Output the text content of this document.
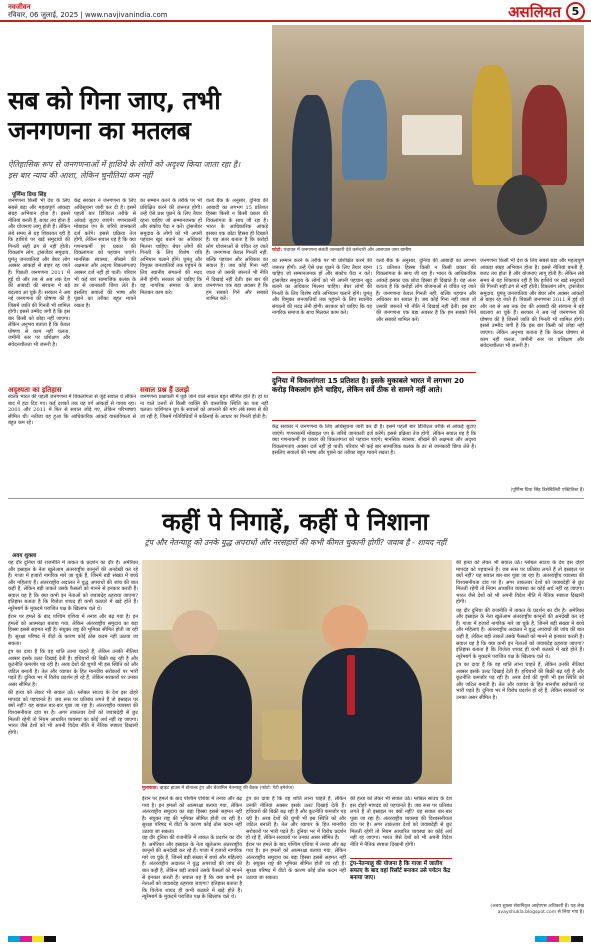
नवजीवन
रविवार, 06 जुलाई, 2025 | www.navjivanindia.com	असलियत 5
फोटो: पंचायत में जनगणना संबंधी जानकारी देते कर्मचारी और आसपास जमा ग्रामीण
सब को गिना जाए, तभी
जनगणना का मतलब
ऐतिहासिक रूप से जनगणनाओं में हाशिये के लोगों को अदृश्य किया जाता रहा है।
इस बार न्याय की आशा, लेकिन चुनौतियां कम नहीं
पूर्णिमा प्रिया सिंह
जनगणना किसी भी देश के लिए सबसे बड़ा और महत्वपूर्ण आंकड़ा संग्रह अभियान होता है। इससे नीतियां बनती हैं, बजट तय होता है और योजनाएं लागू होती हैं। लेकिन लंबे समय से यह शिकायत रही है कि हाशिये पर खड़े समुदायों की गिनती सही ढंग से नहीं होती। विकलांग लोग, ट्रांसजेंडर समुदाय, घुमंतू जनजातियां और बेघर लोग अक्सर आंकड़ों से बाहर रह जाते हैं। पिछली जनगणना 2011 में हुई थी और तब से अब तक देश की आबादी की संरचना में बड़े बदलाव आ चुके हैं। सरकार ने अब नई जनगणना की घोषणा की है जिसमें जाति की गिनती भी शामिल होगी। इससे उम्मीद जगी है कि इस बार किसी को छोड़ा नहीं जाएगा। लेकिन अनुभव बताता है कि केवल घोषणा से काम नहीं चलता, जमीनी स्तर पर प्रशिक्षण और संवेदनशीलता भी जरूरी है।
केंद्र सरकार ने जनगणना के लिए अधिसूचना जारी कर दी है। इसमें पहली बार डिजिटल तरीके से आंकड़े जुटाए जाएंगे। गणनाकर्मी मोबाइल एप के जरिये जानकारी दर्ज करेंगे। इससे प्रक्रिया तेज होगी, लेकिन सवाल यह है कि क्या गणनाकर्मी हर प्रकार की विकलांगता को पहचान पाएंगे। मानसिक स्वास्थ्य, सीखने की अक्षमता और अदृश्य विकलांगताएं अक्सर दर्ज नहीं हो पातीं। परिवार भी कई बार सामाजिक कलंक के डर से जानकारी छिपा लेते हैं। इसलिए सवालों की भाषा और पूछने का तरीका बहुत मायने रखता है।
का सम्मान करने के तरीके पर भी प्रशिक्षित करने की जरूरत होगी। उन्हें ऐसे प्रश्न पूछने के लिए तैयार रहना चाहिए जो सम्मानजनक हों और संकोच पैदा न करें। ट्रांसजेंडर समुदाय के लोगों को भी अपनी पहचान खुद बताने का अधिकार मिलना चाहिए। बेघर लोगों की गिनती के लिए विशेष रात्रि अभियान चलाने होंगे। घुमंतू और विमुक्त जनजातियों तक पहुंचने के लिए स्थानीय संगठनों की मदद लेनी होगी। सरकार को चाहिए कि वह नागरिक समाज के साथ मिलकर काम करे।
वर्ल्ड बैंक के अनुसार, दुनिया की आबादी का लगभग 15 प्रतिशत हिस्सा किसी न किसी प्रकार की विकलांगता के साथ जी रहा है। भारत के आधिकारिक आंकड़े इसका एक छोटा हिस्सा ही दिखाते हैं। यह अंतर बताता है कि करोड़ों लोग योजनाओं से वंचित रह जाते हैं। जनगणना केवल गिनती नहीं, बल्कि पहचान और अधिकार का सवाल है। जब कोई गिना नहीं जाता तो उसकी जरूरतें भी नीति में दिखाई नहीं देतीं। इस बार की जनगणना एक बड़ा अवसर है कि हम सबको गिनें और सबको शामिल करें।
अदृश्यता का इतिहास
स्वतंत्र भारत की पहली जनगणना में विकलांगता से जुड़े सवाल थे लेकिन बाद में हटा दिए गए। कई दशकों तक यह वर्ग आंकड़ों से गायब रहा। 2001 और 2011 में फिर से सवाल जोड़े गए, लेकिन परिभाषाएं सीमित थीं। नतीजा यह हुआ कि आधिकारिक आंकड़े वास्तविकता से बहुत कम रहे।
सवाल प्रश्न हैं उलझे
जनगणना प्रश्नावली में पूछे जाने वाले सवाल बहुत सीमित होते हैं। हां या ना वाले उत्तरों से किसी व्यक्ति की वास्तविक स्थिति का पता नहीं चलता। वाशिंगटन ग्रुप के सवालों को अपनाने की मांग लंबे समय से की जा रही है, जिसमें गतिविधियों में कठिनाई के आधार पर गिनती होती है।
का सम्मान करने के तरीके पर भी प्रशिक्षित करने की जरूरत होगी। उन्हें ऐसे प्रश्न पूछने के लिए तैयार रहना चाहिए जो सम्मानजनक हों और संकोच पैदा न करें। ट्रांसजेंडर समुदाय के लोगों को भी अपनी पहचान खुद बताने का अधिकार मिलना चाहिए। बेघर लोगों की गिनती के लिए विशेष रात्रि अभियान चलाने होंगे। घुमंतू और विमुक्त जनजातियों तक पहुंचने के लिए स्थानीय संगठनों की मदद लेनी होगी। सरकार को चाहिए कि वह नागरिक समाज के साथ मिलकर काम करे।
वर्ल्ड बैंक के अनुसार, दुनिया की आबादी का लगभग 15 प्रतिशत हिस्सा किसी न किसी प्रकार की विकलांगता के साथ जी रहा है। भारत के आधिकारिक आंकड़े इसका एक छोटा हिस्सा ही दिखाते हैं। यह अंतर बताता है कि करोड़ों लोग योजनाओं से वंचित रह जाते हैं। जनगणना केवल गिनती नहीं, बल्कि पहचान और अधिकार का सवाल है। जब कोई गिना नहीं जाता तो उसकी जरूरतें भी नीति में दिखाई नहीं देतीं। इस बार की जनगणना एक बड़ा अवसर है कि हम सबको गिनें और सबको शामिल करें।
जनगणना किसी भी देश के लिए सबसे बड़ा और महत्वपूर्ण आंकड़ा संग्रह अभियान होता है। इससे नीतियां बनती हैं, बजट तय होता है और योजनाएं लागू होती हैं। लेकिन लंबे समय से यह शिकायत रही है कि हाशिये पर खड़े समुदायों की गिनती सही ढंग से नहीं होती। विकलांग लोग, ट्रांसजेंडर समुदाय, घुमंतू जनजातियां और बेघर लोग अक्सर आंकड़ों से बाहर रह जाते हैं। पिछली जनगणना 2011 में हुई थी और तब से अब तक देश की आबादी की संरचना में बड़े बदलाव आ चुके हैं। सरकार ने अब नई जनगणना की घोषणा की है जिसमें जाति की गिनती भी शामिल होगी। इससे उम्मीद जगी है कि इस बार किसी को छोड़ा नहीं जाएगा। लेकिन अनुभव बताता है कि केवल घोषणा से काम नहीं चलता, जमीनी स्तर पर प्रशिक्षण और संवेदनशीलता भी जरूरी है।
दुनिया में विकलांगता 15 प्रतिशत है। इसके मुकाबले भारत में लगभग 20 करोड़ विकलांग होने चाहिए, लेकिन सर्वे ठीक से सामने नहीं आते।
केंद्र सरकार ने जनगणना के लिए अधिसूचना जारी कर दी है। इसमें पहली बार डिजिटल तरीके से आंकड़े जुटाए जाएंगे। गणनाकर्मी मोबाइल एप के जरिये जानकारी दर्ज करेंगे। इससे प्रक्रिया तेज होगी, लेकिन सवाल यह है कि क्या गणनाकर्मी हर प्रकार की विकलांगता को पहचान पाएंगे। मानसिक स्वास्थ्य, सीखने की अक्षमता और अदृश्य विकलांगताएं अक्सर दर्ज नहीं हो पातीं। परिवार भी कई बार सामाजिक कलंक के डर से जानकारी छिपा लेते हैं। इसलिए सवालों की भाषा और पूछने का तरीका बहुत मायने रखता है।
(पूर्णिमा प्रिया सिंह डिसेबिलिटी एक्टिविस्ट हैं)
कहीं पे निगाहें, कहीं पे निशाना
ट्रंप और नेतन्याहू को उनके युद्ध अपराधों और नरसंहारों की कभी कीमत चुकानी होगी? जवाब है - शायद नहीं
अवय शुक्ला
यह दौर दुनिया की राजनीति में ताकत के प्रदर्शन का दौर है। अमेरिका और इस्राइल के नेता खुलेआम अंतरराष्ट्रीय कानूनों की अनदेखी कर रहे हैं। गाजा में हजारों नागरिक मारे जा चुके हैं, जिनमें बड़ी संख्या में बच्चे और महिलाएं हैं। अंतरराष्ट्रीय अदालत ने युद्ध अपराधों की जांच की बात कही है, लेकिन बड़ी ताकतें उसके फैसलों को मानने से इनकार करती हैं। सवाल यह है कि क्या कभी इन नेताओं को जवाबदेह ठहराया जाएगा? इतिहास बताता है कि विजेता शायद ही कभी कठघरे में खड़े होते हैं। न्यूरेमबर्ग के मुकदमे पराजित पक्ष के खिलाफ चले थे।
ईरान पर हमले के बाद पश्चिम एशिया में तनाव और बढ़ गया है। इन हमलों को आत्मरक्षा बताया गया, लेकिन अंतरराष्ट्रीय समुदाय का बड़ा हिस्सा इससे सहमत नहीं है। संयुक्त राष्ट्र की भूमिका सीमित होती जा रही है। सुरक्षा परिषद में वीटो के कारण कोई ठोस कदम नहीं उठाया जा सकता।
ट्रंप का दावा है कि वह शांति लाना चाहते हैं, लेकिन उनकी नीतियां अक्सर इसके उलट दिखाई देती हैं। हथियारों की बिक्री बढ़ रही है और कूटनीति कमजोर पड़ रही है। अरब देशों की चुप्पी भी इस स्थिति को और जटिल बनाती है। तेल और व्यापार के हित मानवीय सरोकारों पर भारी पड़ते हैं। दुनिया भर में विरोध प्रदर्शन हो रहे हैं, लेकिन सरकारों पर उनका असर सीमित है।
की हत्या को लेकर भी सवाल उठे। ग्लोबल साउथ के देश इस दोहरे मापदंड को पहचानते हैं। जब रूस पर प्रतिबंध लगते हैं तो इस्राइल पर क्यों नहीं? यह सवाल बार-बार पूछा जा रहा है। अंतरराष्ट्रीय व्यवस्था की विश्वसनीयता दांव पर है। अगर ताकतवर देशों को जवाबदेही से छूट मिलती रहेगी तो नियम आधारित व्यवस्था का कोई अर्थ नहीं रह जाएगा। भारत जैसे देशों को भी अपनी विदेश नीति में नैतिक स्पष्टता दिखानी होगी।
मुलाकात: व्हाइट हाउस में डोनाल्ड ट्रंप और बेंजामिन नेतन्याहू की बैठक (फोटो: गेटी इमेजेज)
की हत्या को लेकर भी सवाल उठे। ग्लोबल साउथ के देश इस दोहरे मापदंड को पहचानते हैं। जब रूस पर प्रतिबंध लगते हैं तो इस्राइल पर क्यों नहीं? यह सवाल बार-बार पूछा जा रहा है। अंतरराष्ट्रीय व्यवस्था की विश्वसनीयता दांव पर है। अगर ताकतवर देशों को जवाबदेही से छूट मिलती रहेगी तो नियम आधारित व्यवस्था का कोई अर्थ नहीं रह जाएगा। भारत जैसे देशों को भी अपनी विदेश नीति में नैतिक स्पष्टता दिखानी होगी।
यह दौर दुनिया की राजनीति में ताकत के प्रदर्शन का दौर है। अमेरिका और इस्राइल के नेता खुलेआम अंतरराष्ट्रीय कानूनों की अनदेखी कर रहे हैं। गाजा में हजारों नागरिक मारे जा चुके हैं, जिनमें बड़ी संख्या में बच्चे और महिलाएं हैं। अंतरराष्ट्रीय अदालत ने युद्ध अपराधों की जांच की बात कही है, लेकिन बड़ी ताकतें उसके फैसलों को मानने से इनकार करती हैं। सवाल यह है कि क्या कभी इन नेताओं को जवाबदेह ठहराया जाएगा? इतिहास बताता है कि विजेता शायद ही कभी कठघरे में खड़े होते हैं। न्यूरेमबर्ग के मुकदमे पराजित पक्ष के खिलाफ चले थे।
ट्रंप का दावा है कि वह शांति लाना चाहते हैं, लेकिन उनकी नीतियां अक्सर इसके उलट दिखाई देती हैं। हथियारों की बिक्री बढ़ रही है और कूटनीति कमजोर पड़ रही है। अरब देशों की चुप्पी भी इस स्थिति को और जटिल बनाती है। तेल और व्यापार के हित मानवीय सरोकारों पर भारी पड़ते हैं। दुनिया भर में विरोध प्रदर्शन हो रहे हैं, लेकिन सरकारों पर उनका असर सीमित है।
ईरान पर हमले के बाद पश्चिम एशिया में तनाव और बढ़ गया है। इन हमलों को आत्मरक्षा बताया गया, लेकिन अंतरराष्ट्रीय समुदाय का बड़ा हिस्सा इससे सहमत नहीं है। संयुक्त राष्ट्र की भूमिका सीमित होती जा रही है। सुरक्षा परिषद में वीटो के कारण कोई ठोस कदम नहीं उठाया जा सकता।
यह दौर दुनिया की राजनीति में ताकत के प्रदर्शन का दौर है। अमेरिका और इस्राइल के नेता खुलेआम अंतरराष्ट्रीय कानूनों की अनदेखी कर रहे हैं। गाजा में हजारों नागरिक मारे जा चुके हैं, जिनमें बड़ी संख्या में बच्चे और महिलाएं हैं। अंतरराष्ट्रीय अदालत ने युद्ध अपराधों की जांच की बात कही है, लेकिन बड़ी ताकतें उसके फैसलों को मानने से इनकार करती हैं। सवाल यह है कि क्या कभी इन नेताओं को जवाबदेह ठहराया जाएगा? इतिहास बताता है कि विजेता शायद ही कभी कठघरे में खड़े होते हैं। न्यूरेमबर्ग के मुकदमे पराजित पक्ष के खिलाफ चले थे।
ट्रंप का दावा है कि वह शांति लाना चाहते हैं, लेकिन उनकी नीतियां अक्सर इसके उलट दिखाई देती हैं। हथियारों की बिक्री बढ़ रही है और कूटनीति कमजोर पड़ रही है। अरब देशों की चुप्पी भी इस स्थिति को और जटिल बनाती है। तेल और व्यापार के हित मानवीय सरोकारों पर भारी पड़ते हैं। दुनिया भर में विरोध प्रदर्शन हो रहे हैं, लेकिन सरकारों पर उनका असर सीमित है।
ईरान पर हमले के बाद पश्चिम एशिया में तनाव और बढ़ गया है। इन हमलों को आत्मरक्षा बताया गया, लेकिन अंतरराष्ट्रीय समुदाय का बड़ा हिस्सा इससे सहमत नहीं है। संयुक्त राष्ट्र की भूमिका सीमित होती जा रही है। सुरक्षा परिषद में वीटो के कारण कोई ठोस कदम नहीं उठाया जा सकता।
की हत्या को लेकर भी सवाल उठे। ग्लोबल साउथ के देश इस दोहरे मापदंड को पहचानते हैं। जब रूस पर प्रतिबंध लगते हैं तो इस्राइल पर क्यों नहीं? यह सवाल बार-बार पूछा जा रहा है। अंतरराष्ट्रीय व्यवस्था की विश्वसनीयता दांव पर है। अगर ताकतवर देशों को जवाबदेही से छूट मिलती रहेगी तो नियम आधारित व्यवस्था का कोई अर्थ नहीं रह जाएगा। भारत जैसे देशों को भी अपनी विदेश नीति में नैतिक स्पष्टता दिखानी होगी।
ट्रंप-नेतन्याहू की योजना है कि गाजा में जातीय सफाए के बाद वहां रिसॉर्ट बनाकर उसे पर्यटन केंद्र बनाया जाए।
(अवय शुक्ला सेवानिवृत्त आईएएस अधिकारी हैं। यह लेख avayshukla.blogspot.com से लिया गया है)
